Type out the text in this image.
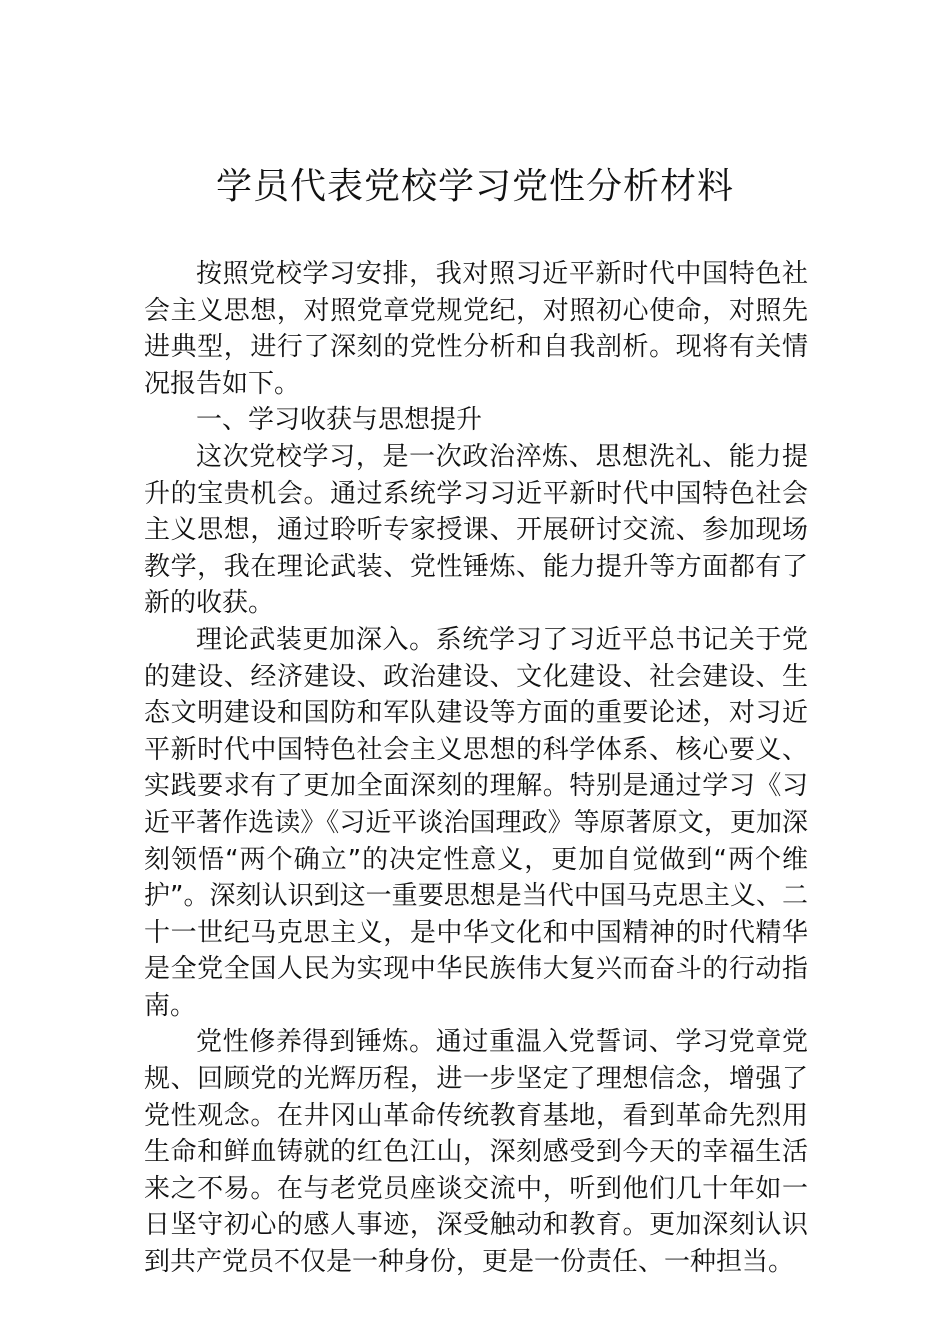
学员代表党校学习党性分析材料

按照党校学习安排，我对照习近平新时代中国特色社会主义思想，对照党章党规党纪，对照初心使命，对照先进典型，进行了深刻的党性分析和自我剖析。现将有关情况报告如下。

一、学习收获与思想提升

这次党校学习，是一次政治淬炼、思想洗礼、能力提升的宝贵机会。通过系统学习习近平新时代中国特色社会主义思想，通过聆听专家授课、开展研讨交流、参加现场教学，我在理论武装、党性锤炼、能力提升等方面都有了新的收获。

理论武装更加深入。系统学习了习近平总书记关于党的建设、经济建设、政治建设、文化建设、社会建设、生态文明建设和国防和军队建设等方面的重要论述，对习近平新时代中国特色社会主义思想的科学体系、核心要义、实践要求有了更加全面深刻的理解。特别是通过学习《习近平著作选读》《习近平谈治国理政》等原著原文，更加深刻领悟“两个确立”的决定性意义，更加自觉做到“两个维护”。深刻认识到这一重要思想是当代中国马克思主义、二十一世纪马克思主义，是中华文化和中国精神的时代精华是全党全国人民为实现中华民族伟大复兴而奋斗的行动指南。

党性修养得到锤炼。通过重温入党誓词、学习党章党规、回顾党的光辉历程，进一步坚定了理想信念，增强了党性观念。在井冈山革命传统教育基地，看到革命先烈用生命和鲜血铸就的红色江山，深刻感受到今天的幸福生活来之不易。在与老党员座谈交流中，听到他们几十年如一日坚守初心的感人事迹，深受触动和教育。更加深刻认识到共产党员不仅是一种身份，更是一份责任、一种担当。
